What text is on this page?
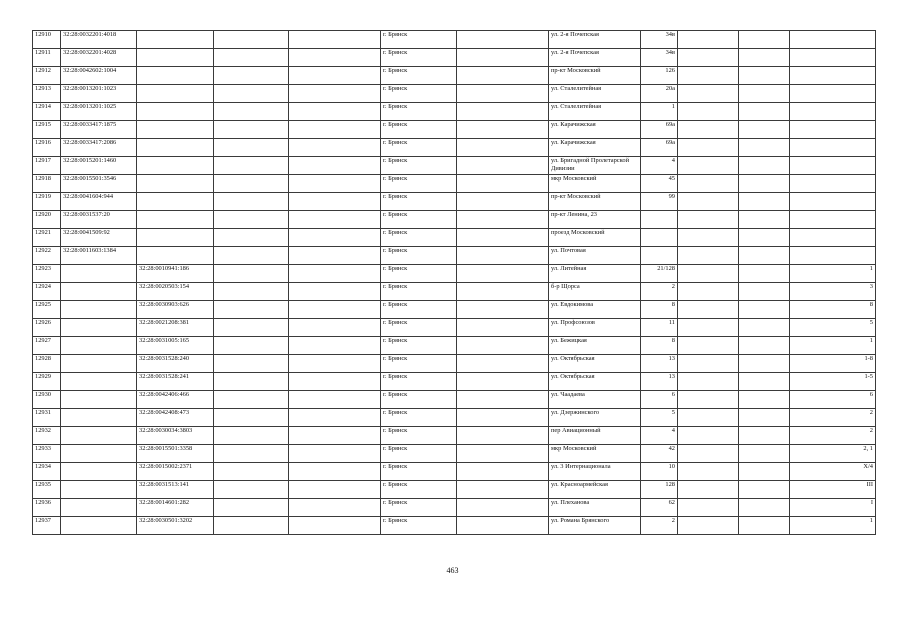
12910	32:28:0032201:4018				г. Брянск		ул. 2-я Почепская	34в			
12911	32:28:0032201:4028				г. Брянск		ул. 2-я Почепская	34в			
12912	32:28:0042602:1004				г. Брянск		пр-кт Московский	126			
12913	32:28:0013201:1023				г. Брянск		ул. Сталелитейная	20а			
12914	32:28:0013201:1025				г. Брянск		ул. Сталелитейная	1			
12915	32:28:0033417:1875				г. Брянск		ул. Карачижская	69а			
12916	32:28:0033417:2086				г. Брянск		ул. Карачижская	69а			
12917	32:28:0015201:1460				г. Брянск		ул. Бригадной Пролетарской Дивизии	4			
12918	32:28:0015501:3546				г. Брянск		мкр Московский	45			
12919	32:28:0041604:944				г. Брянск		пр-кт Московский	99			
12920	32:28:0031537:20				г. Брянск		пр-кт Ленина, 23				
12921	32:28:0041509:92				г. Брянск		проезд Московский				
12922	32:28:0011603:1384				г. Брянск		ул. Почтовая				
12923		32:28:0010941:186			г. Брянск		ул. Литейная	21/128			1
12924		32:28:0020503:154			г. Брянск		б-р Щорса	2			3
12925		32:28:0030903:626			г. Брянск		ул. Евдокимова	8			8
12926		32:28:0021208:381			г. Брянск		ул. Профсоюзов	11			5
12927		32:28:0031005:165			г. Брянск		ул. Бежицкая	8			1
12928		32:28:0031528:240			г. Брянск		ул. Октябрьская	13			1-8
12929		32:28:0031528:241			г. Брянск		ул. Октябрьская	13			1-5
12930		32:28:0042406:466			г. Брянск		ул. Чаадаева	6			6
12931		32:28:0042408:473			г. Брянск		ул. Дзержинского	5			2
12932		32:28:0030034:3803			г. Брянск		пер Авиационный	4			2
12933		32:28:0015501:3358			г. Брянск		мкр Московский	42			2, 1
12934		32:28:0015002:2371			г. Брянск		ул. 3 Интернационала	10			X/4
12935		32:28:0031513:141			г. Брянск		ул. Красноармейская	128			III
12936		32:28:0014601:282			г. Брянск		ул. Плеханова	62			I
12937		32:28:0030501:3202			г. Брянск		ул. Романа Брянского	2			1
463
